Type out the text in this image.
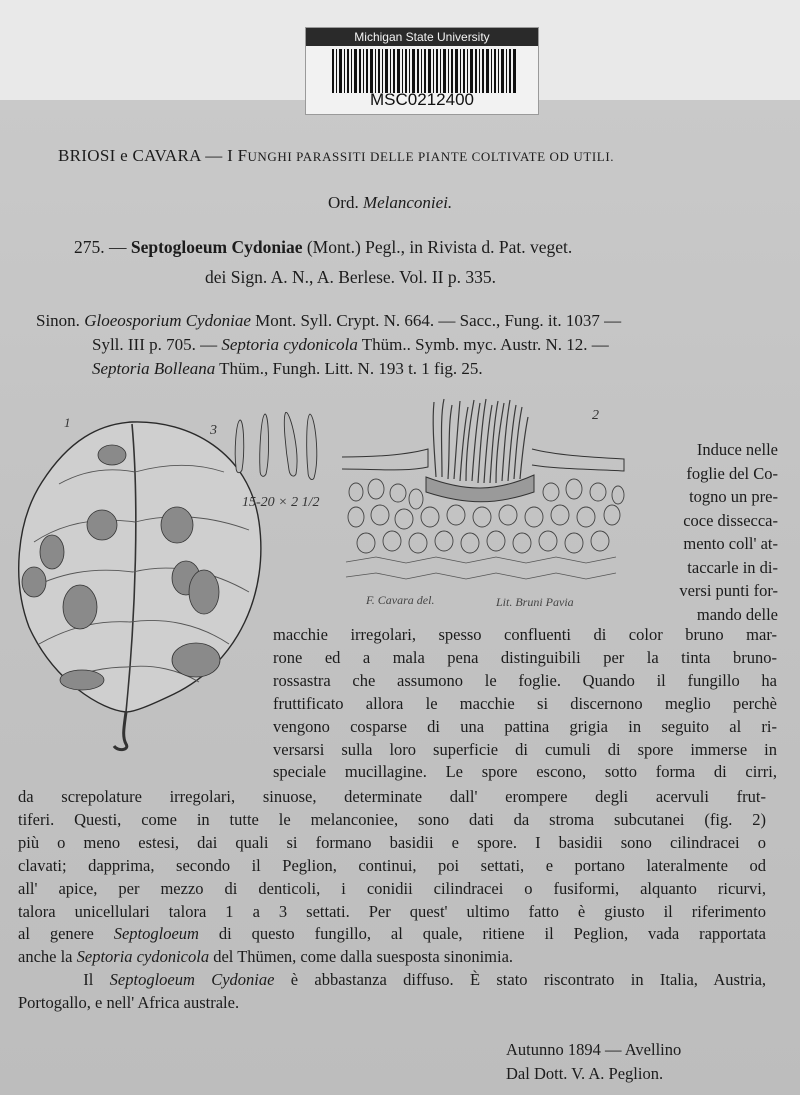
Michigan State University
MSC0212400
BRIOSI e CAVARA — I FUNGHI PARASSITI DELLE PIANTE COLTIVATE OD UTILI.
Ord. Melanconiei.
275. — Septogloeum Cydoniae (Mont.) Pegl., in Rivista d. Pat. veget.
dei Sign. A. N., A. Berlese. Vol. II p. 335.
Sinon. Gloeosporium Cydoniae Mont. Syll. Crypt. N. 664. — Sacc., Fung. it. 1037 —
Syll. III p. 705. — Septoria cydonicola Thüm.. Symb. myc. Austr. N. 12. —
Septoria Bolleana Thüm., Fungh. Litt. N. 193 t. 1 fig. 25.
1
3
15-20 × 2 1/2
2
F. Cavara del.	Lit. Bruni Pavia
Induce nelle
foglie del Co-
togno un pre-
coce dissecca-
mento coll' at-
taccarle in di-
versi punti for-
mando delle
macchie irregolari, spesso confluenti di color bruno mar-
rone ed a mala pena distinguibili per la tinta bruno-
rossastra che assumono le foglie. Quando il fungillo ha
fruttificato allora le macchie si discernono meglio perchè
vengono cosparse di una pattina grigia in seguito al ri-
versarsi sulla loro superficie di cumuli di spore immerse in
speciale mucillagine. Le spore escono, sotto forma di cirri,
da screpolature irregolari, sinuose, determinate dall' erompere degli acervuli frut-
tiferi. Questi, come in tutte le melanconiee, sono dati da stroma subcutanei (fig. 2)
più o meno estesi, dai quali si formano basidii e spore. I basidii sono cilindracei o
clavati; dapprima, secondo il Peglion, continui, poi settati, e portano lateralmente od
all' apice, per mezzo di denticoli, i conidii cilindracei o fusiformi, alquanto ricurvi,
talora unicellulari talora 1 a 3 settati. Per quest' ultimo fatto è giusto il riferimento
al genere Septogloeum di questo fungillo, al quale, ritiene il Peglion, vada rapportata
anche la Septoria cydonicola del Thümen, come dalla suesposta sinonimia.
Il Septogloeum Cydoniae è abbastanza diffuso. È stato riscontrato in Italia, Austria,
Portogallo, e nell' Africa australe.
Autunno 1894 — Avellino
Dal Dott. V. A. Peglion.
